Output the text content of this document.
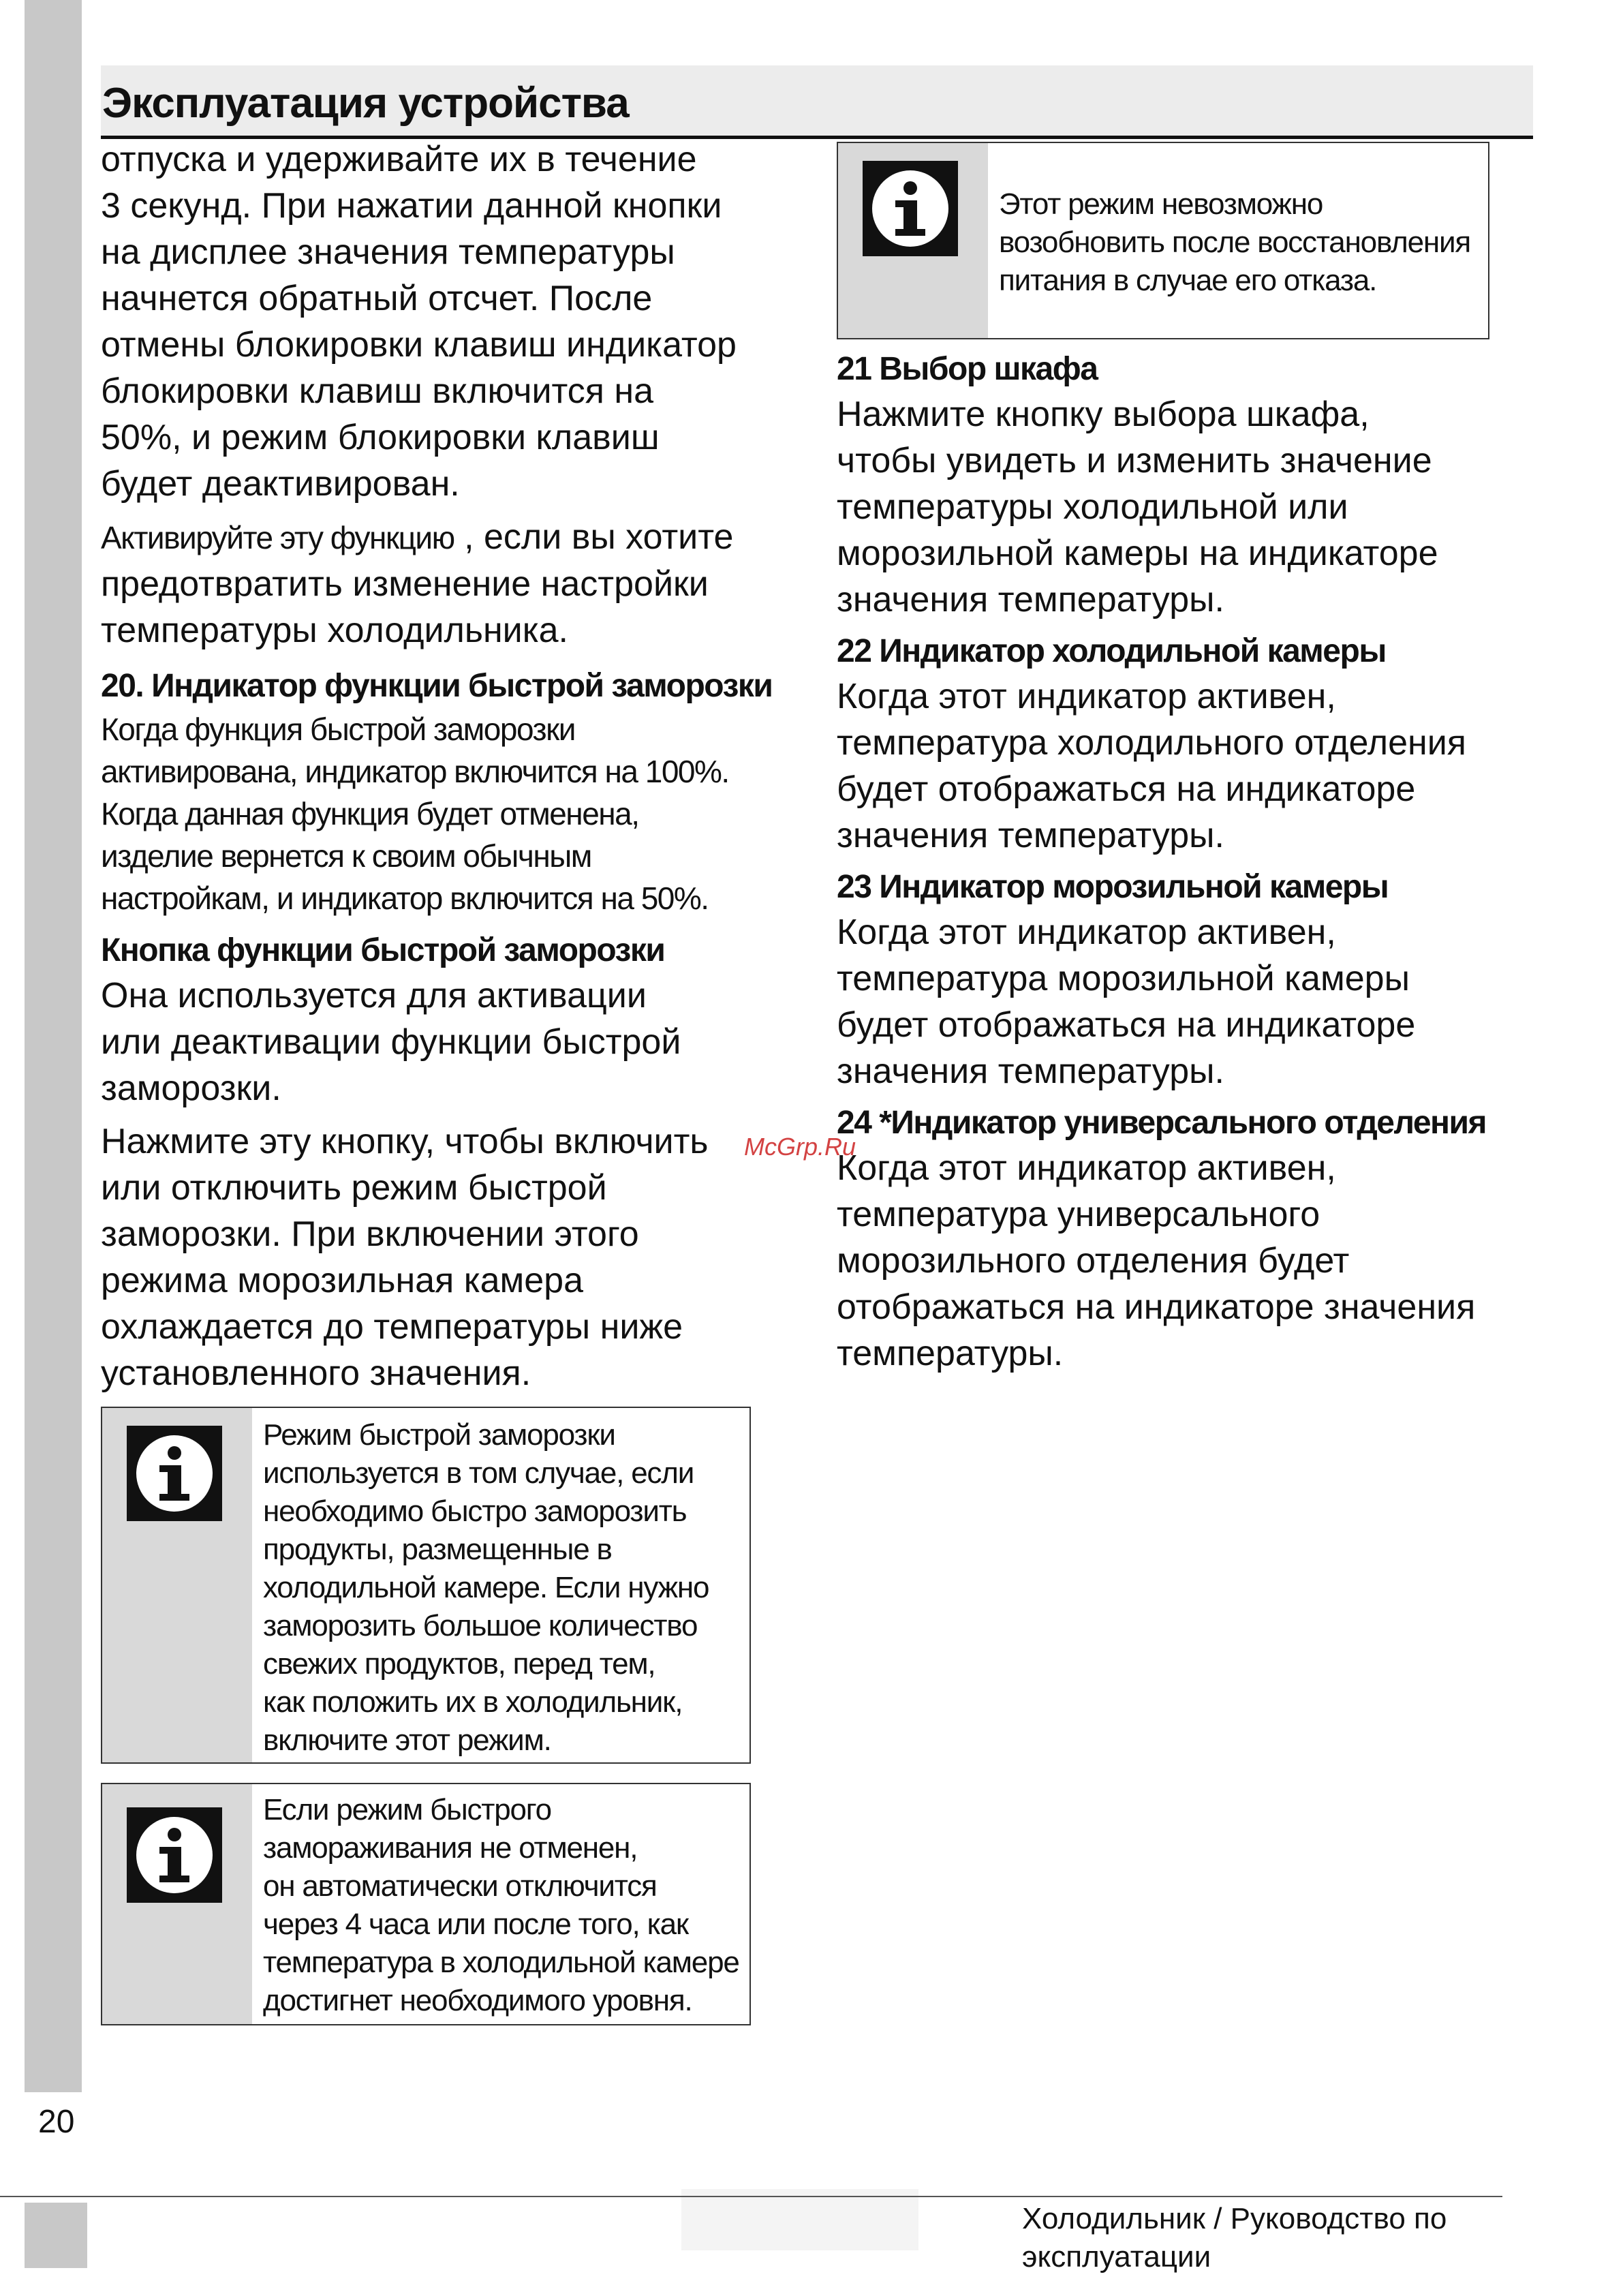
Эксплуатация устройства

отпуска и удерживайте их в течение
3 секунд. При нажатии данной кнопки
на дисплее значения температуры
начнется обратный отсчет. После
отмены блокировки клавиш индикатор
блокировки клавиш включится на
50%, и режим блокировки клавиш
будет деактивирован.

Активируйте эту функцию , если вы хотите
предотвратить изменение настройки
температуры холодильника.

20. Индикатор функции быстрой заморозки

Когда функция быстрой заморозки
активирована, индикатор включится на 100%.
Когда данная функция будет отменена,
изделие вернется к своим обычным
настройкам, и индикатор включится на 50%.

Кнопка функции быстрой заморозки

Она используется для активации
или деактивации функции быстрой
заморозки.

Нажмите эту кнопку, чтобы включить
или отключить режим быстрой
заморозки. При включении этого
режима морозильная камера
охлаждается до температуры ниже
установленного значения.

Режим быстрой заморозки
используется в том случае, если
необходимо быстро заморозить
продукты, размещенные в
холодильной камере. Если нужно
заморозить большое количество
свежих продуктов, перед тем,
как положить их в холодильник,
включите этот режим.
Если режим быстрого
замораживания не отменен,
он автоматически отключится
через 4 часа или после того, как
температура в холодильной камере
достигнет необходимого уровня.
Этот режим невозможно
возобновить после восстановления
питания в случае его отказа.
21 Выбор шкафа

Нажмите кнопку выбора шкафа,
чтобы увидеть и изменить значение
температуры холодильной или
морозильной камеры на индикаторе
значения температуры.

22 Индикатор холодильной камеры

Когда этот индикатор активен,
температура холодильного отделения
будет отображаться на индикаторе
значения температуры.

23 Индикатор морозильной камеры

Когда этот индикатор активен,
температура морозильной камеры
будет отображаться на индикаторе
значения температуры.

24 *Индикатор универсального отделения

Когда этот индикатор активен,
температура универсального
морозильного отделения будет
отображаться на индикаторе значения
температуры.

McGrp.Ru
20
Холодильник / Руководство по
эксплуатации
